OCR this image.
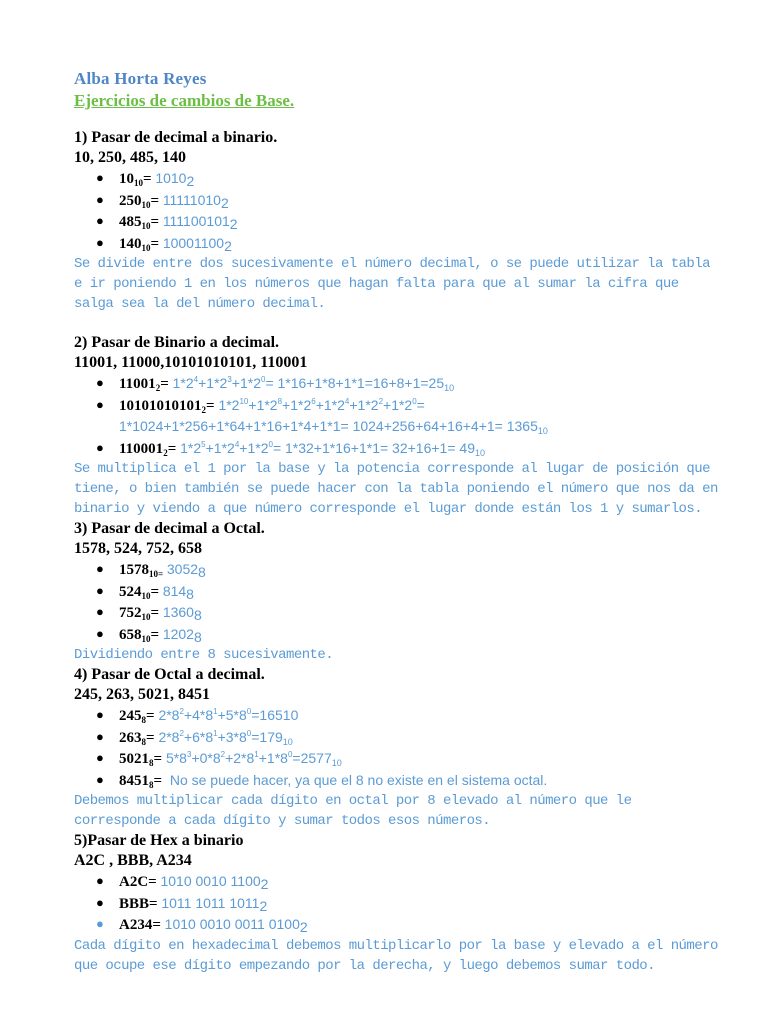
Alba Horta Reyes

Ejercicios de cambios de Base.

1) Pasar de decimal a binario.

10, 250, 485, 140

● $10_{10}= 1010_2$
● $250_{10}= 11111010_2$
● $485_{10}= 111100101_2$
● $140_{10}= 10001100_2$

Se divide entre dos sucesivamente el número decimal, o se puede utilizar la tabla e ir poniendo 1 en los números que hagan falta para que al sumar la cifra que salga sea la del número decimal.

2) Pasar de Binario a decimal.

11001, 11000,10101010101, 110001

● $11001_2= 1*2^4+1*2^3+1*2^0= 1*16+1*8+1*1=16+8+1=25_{10}$
● $10101010101_2= 1*2^{10}+1*2^8+1*2^6+1*2^4+1*2^2+1*2^0=$
$1*1024+1*256+1*64+1*16+1*4+1*1= 1024+256+64+16+4+1= 1365_{10}$
● $110001_2= 1*2^5+1*2^4+1*2^0= 1*32+1*16+1*1= 32+16+1= 49_{10}$

Se multiplica el 1 por la base y la potencia corresponde al lugar de posición que tiene, o bien también se puede hacer con la tabla poniendo el número que nos da en binario y viendo a que número corresponde el lugar donde están los 1 y sumarlos.

3) Pasar de decimal a Octal.

1578, 524, 752, 658

● $1578_{10=}$ $3052_8$
● $524_{10}= 814_8$
● $752_{10}= 1360_8$
● $658_{10}= 1202_8$

Dividiendo entre 8 sucesivamente.

4) Pasar de Octal a decimal.

245, 263, 5021, 8451

● $245_8= 2*8^2+4*8^1+5*8^0=16510$
● $263_8= 2*8^2+6*8^1+3*8^0=179_{10}$
● $5021_8= 5*8^3+0*8^2+2*8^1+1*8^0=2577_{10}$
● $8451_8= No$ se puede hacer, ya que el 8 no existe en el sistema octal.

Debemos multiplicar cada dígito en octal por 8 elevado al número que le corresponde a cada dígito y sumar todos esos números.

5)Pasar de Hex a binario

A2C , BBB, A234

● A2C= 1010 0010 $1100_2$
● BBB= 1011 1011 $1011_2$
● A234= 1010 0010 0011 $0100_2$

Cada dígito en hexadecimal debemos multiplicarlo por la base y elevado a el número que ocupe ese dígito empezando por la derecha, y luego debemos sumar todo.
